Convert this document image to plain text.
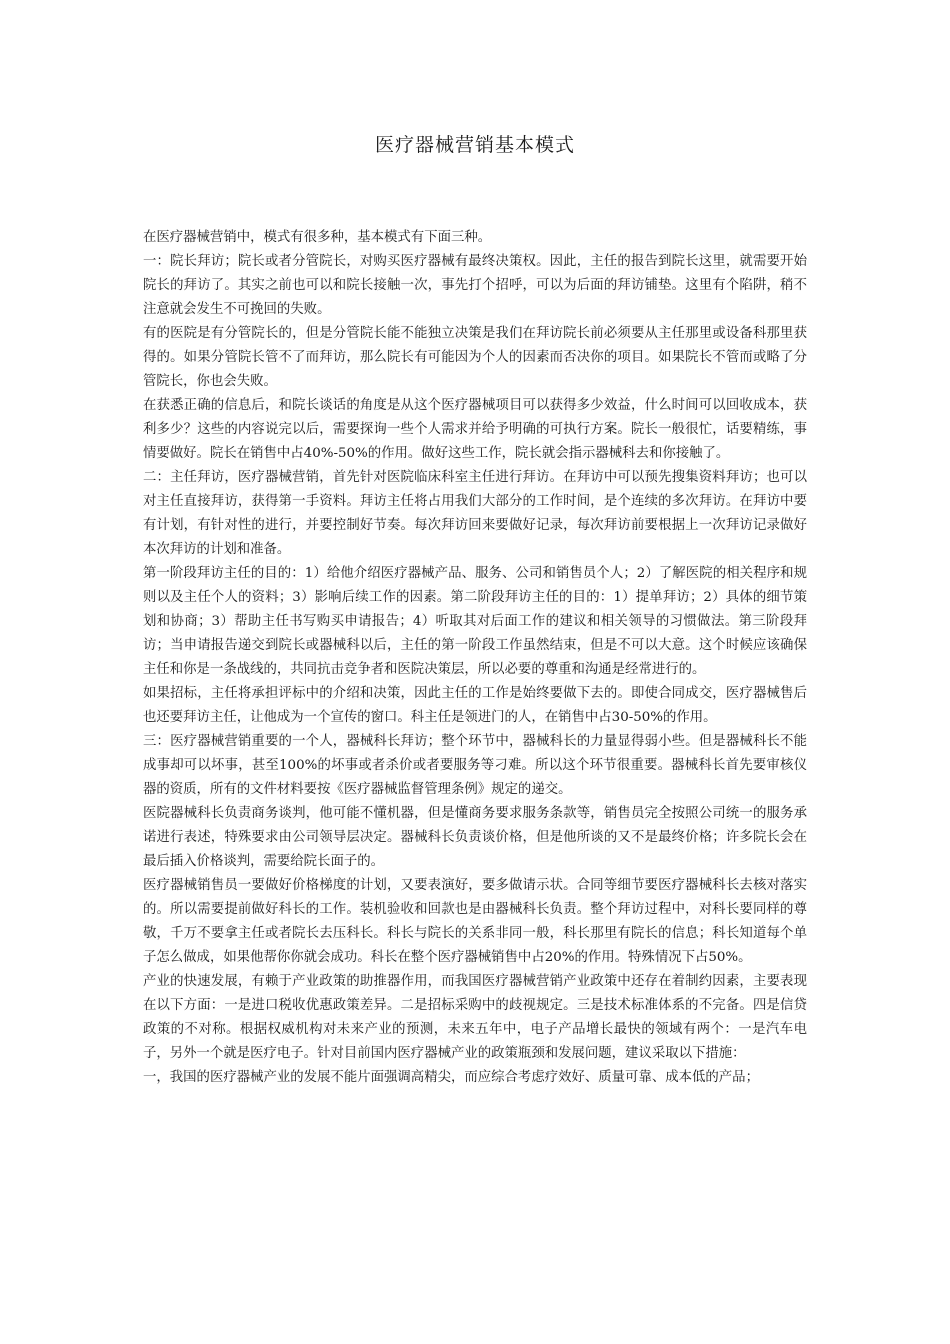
医疗器械营销基本模式

在医疗器械营销中，模式有很多种，基本模式有下面三种。

一：院长拜访；院长或者分管院长，对购买医疗器械有最终决策权。因此，主任的报告到院长这里，就需要开始院长的拜访了。其实之前也可以和院长接触一次，事先打个招呼，可以为后面的拜访铺垫。这里有个陷阱，稍不注意就会发生不可挽回的失败。

有的医院是有分管院长的，但是分管院长能不能独立决策是我们在拜访院长前必须要从主任那里或设备科那里获得的。如果分管院长管不了而拜访，那么院长有可能因为个人的因素而否决你的项目。如果院长不管而或略了分管院长，你也会失败。

在获悉正确的信息后，和院长谈话的角度是从这个医疗器械项目可以获得多少效益，什么时间可以回收成本，获利多少？这些的内容说完以后，需要探询一些个人需求并给予明确的可执行方案。院长一般很忙，话要精练，事情要做好。院长在销售中占40%-50%的作用。做好这些工作，院长就会指示器械科去和你接触了。

二：主任拜访，医疗器械营销，首先针对医院临床科室主任进行拜访。在拜访中可以预先搜集资料拜访；也可以对主任直接拜访，获得第一手资料。拜访主任将占用我们大部分的工作时间，是个连续的多次拜访。在拜访中要有计划，有针对性的进行，并要控制好节奏。每次拜访回来要做好记录，每次拜访前要根据上一次拜访记录做好本次拜访的计划和准备。

第一阶段拜访主任的目的：1）给他介绍医疗器械产品、服务、公司和销售员个人；2）了解医院的相关程序和规则以及主任个人的资料；3）影响后续工作的因素。第二阶段拜访主任的目的：1）提单拜访；2）具体的细节策划和协商；3）帮助主任书写购买申请报告；4）听取其对后面工作的建议和相关领导的习惯做法。第三阶段拜访；当申请报告递交到院长或器械科以后，主任的第一阶段工作虽然结束，但是不可以大意。这个时候应该确保主任和你是一条战线的，共同抗击竞争者和医院决策层，所以必要的尊重和沟通是经常进行的。

如果招标，主任将承担评标中的介绍和决策，因此主任的工作是始终要做下去的。即使合同成交，医疗器械售后也还要拜访主任，让他成为一个宣传的窗口。科主任是领进门的人，在销售中占30-50%的作用。

三：医疗器械营销重要的一个人，器械科长拜访；整个环节中，器械科长的力量显得弱小些。但是器械科长不能成事却可以坏事，甚至100%的坏事或者杀价或者要服务等刁难。所以这个环节很重要。器械科长首先要审核仪器的资质，所有的文件材料要按《医疗器械监督管理条例》规定的递交。

医院器械科长负责商务谈判，他可能不懂机器，但是懂商务要求服务条款等，销售员完全按照公司统一的服务承诺进行表述，特殊要求由公司领导层决定。器械科长负责谈价格，但是他所谈的又不是最终价格；许多院长会在最后插入价格谈判，需要给院长面子的。

医疗器械销售员一要做好价格梯度的计划，又要表演好，要多做请示状。合同等细节要医疗器械科长去核对落实的。所以需要提前做好科长的工作。装机验收和回款也是由器械科长负责。整个拜访过程中，对科长要同样的尊敬，千万不要拿主任或者院长去压科长。科长与院长的关系非同一般，科长那里有院长的信息；科长知道每个单子怎么做成，如果他帮你你就会成功。科长在整个医疗器械销售中占20%的作用。特殊情况下占50%。

产业的快速发展，有赖于产业政策的助推器作用，而我国医疗器械营销产业政策中还存在着制约因素，主要表现在以下方面：一是进口税收优惠政策差异。二是招标采购中的歧视规定。三是技术标准体系的不完备。四是信贷政策的不对称。根据权威机构对未来产业的预测，未来五年中，电子产品增长最快的领域有两个：一是汽车电子，另外一个就是医疗电子。针对目前国内医疗器械产业的政策瓶颈和发展问题，建议采取以下措施：

一，我国的医疗器械产业的发展不能片面强调高精尖，而应综合考虑疗效好、质量可靠、成本低的产品；
